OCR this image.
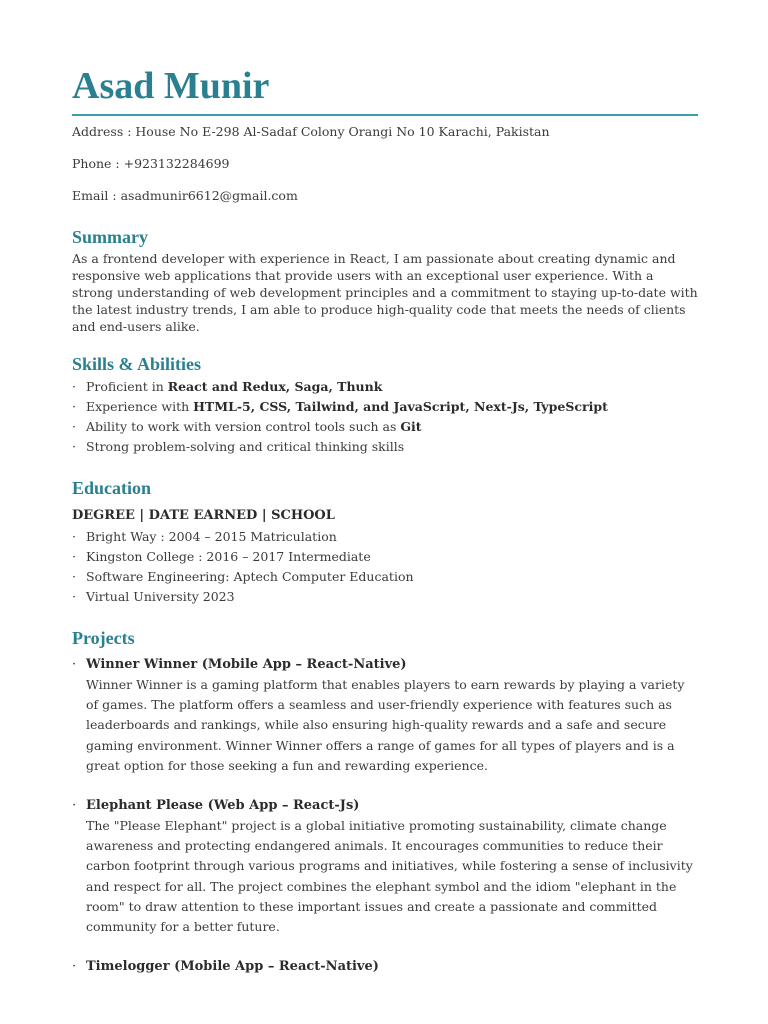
Asad Munir

Address : House No E-298 Al-Sadaf Colony Orangi No 10 Karachi, Pakistan

Phone : +923132284699

Email : asadmunir6612@gmail.com

Summary

As a frontend developer with experience in React, I am passionate about creating dynamic and responsive web applications that provide users with an exceptional user experience. With a strong understanding of web development principles and a commitment to staying up-to-date with the latest industry trends, I am able to produce high-quality code that meets the needs of clients and end-users alike.

Skills & Abilities
· Proficient in React and Redux, Saga, Thunk
· Experience with HTML-5, CSS, Tailwind, and JavaScript, Next-Js, TypeScript
· Ability to work with version control tools such as Git
· Strong problem-solving and critical thinking skills
Education

DEGREE | DATE EARNED | SCHOOL

· Bright Way : 2004 – 2015 Matriculation
· Kingston College : 2016 – 2017 Intermediate
· Software Engineering: Aptech Computer Education
· Virtual University 2023
Projects

· Winner Winner (Mobile App – React-Native)

Winner Winner is a gaming platform that enables players to earn rewards by playing a variety of games. The platform offers a seamless and user-friendly experience with features such as leaderboards and rankings, while also ensuring high-quality rewards and a safe and secure gaming environment. Winner Winner offers a range of games for all types of players and is a great option for those seeking a fun and rewarding experience.

· Elephant Please (Web App – React-Js)

The "Please Elephant" project is a global initiative promoting sustainability, climate change awareness and protecting endangered animals. It encourages communities to reduce their carbon footprint through various programs and initiatives, while fostering a sense of inclusivity and respect for all. The project combines the elephant symbol and the idiom "elephant in the room" to draw attention to these important issues and create a passionate and committed community for a better future.

· Timelogger (Mobile App – React-Native)
